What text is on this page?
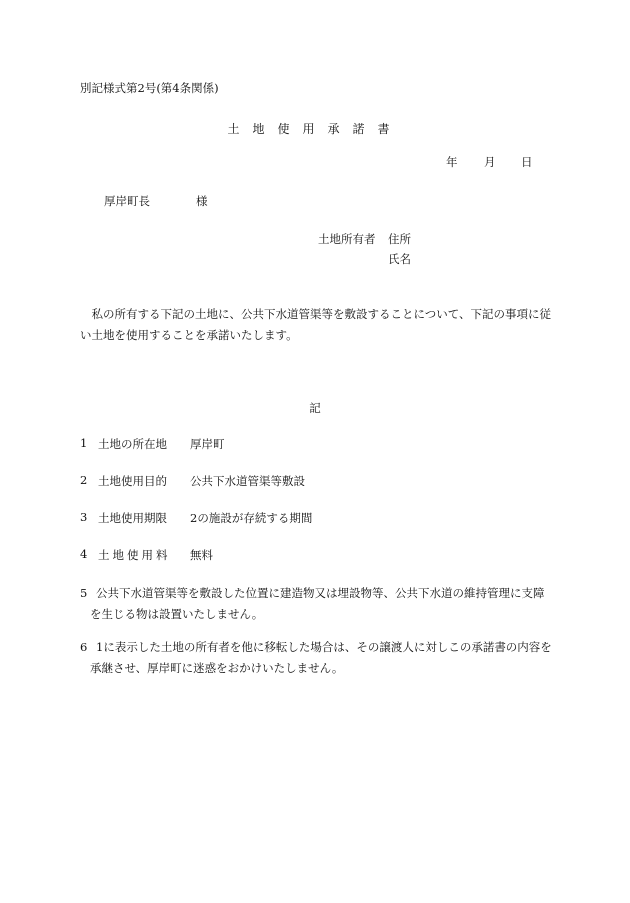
別記様式第2号(第4条関係)
土地使用承諾書
年 月 日
厚岸町長	様
土地所有者 住所
氏名
私の所有する下記の土地に、公共下水道管渠等を敷設することについて、下記の事項に従い土地を使用することを承諾いたします。
記
1 土地の所在地 厚岸町
2 土地使用目的 公共下水道管渠等敷設
3 土地使用期限 2の施設が存続する期間
4 土地使用料 無料
5 公共下水道管渠等を敷設した位置に建造物又は埋設物等、公共下水道の維持管理に支障
を生じる物は設置いたしません。
6 1に表示した土地の所有者を他に移転した場合は、その譲渡人に対しこの承諾書の内容を
承継させ、厚岸町に迷惑をおかけいたしません。
